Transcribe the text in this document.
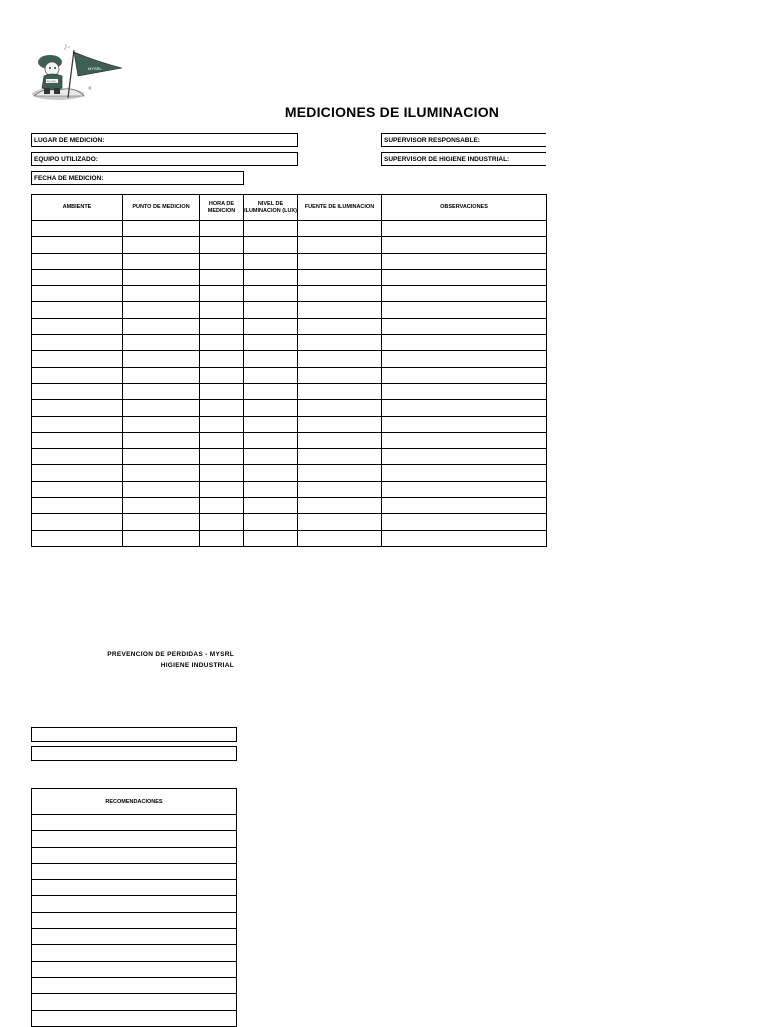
MYSRL
MYSRL
MEDICIONES DE ILUMINACION
LUGAR DE MEDICION:
EQUIPO UTILIZADO:
FECHA DE MEDICION:
SUPERVISOR RESPONSABLE:
SUPERVISOR DE HIGIENE INDUSTRIAL:
AMBIENTE	PUNTO DE MEDICION	HORA DE MEDICION	NIVEL DE ILUMINACION (LUX)	FUENTE DE ILUMINACION	OBSERVACIONES

PREVENCION DE PERDIDAS - MYSRL
HIGIENE INDUSTRIAL
RECOMENDACIONES
